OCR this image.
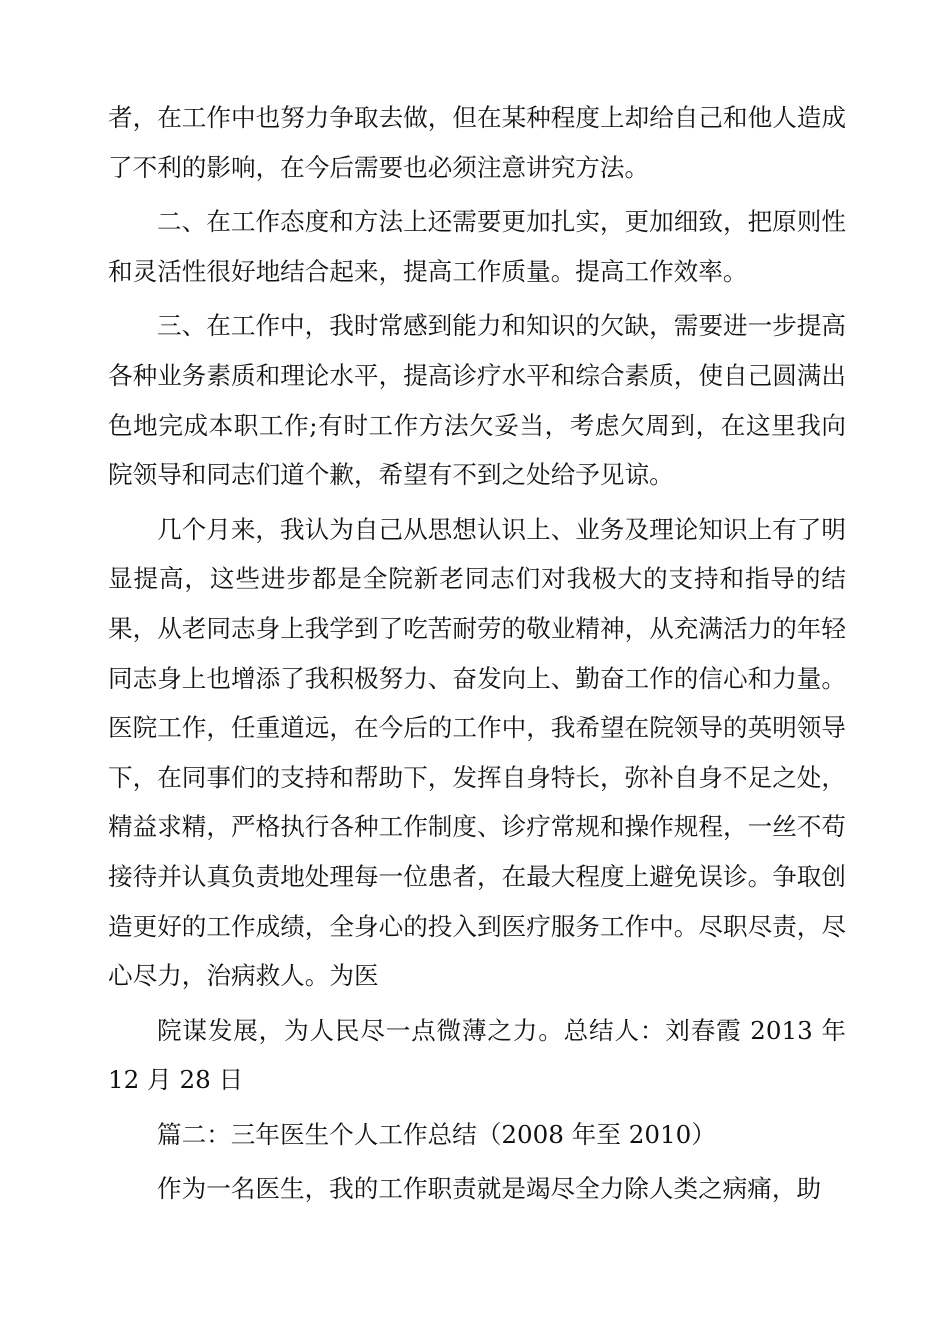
者，在工作中也努力争取去做，但在某种程度上却给自己和他人造成了不利的影响，在今后需要也必须注意讲究方法。

二、在工作态度和方法上还需要更加扎实，更加细致，把原则性和灵活性很好地结合起来，提高工作质量。提高工作效率。

三、在工作中，我时常感到能力和知识的欠缺，需要进一步提高各种业务素质和理论水平，提高诊疗水平和综合素质，使自己圆满出色地完成本职工作;有时工作方法欠妥当，考虑欠周到，在这里我向院领导和同志们道个歉，希望有不到之处给予见谅。

几个月来，我认为自己从思想认识上、业务及理论知识上有了明显提高，这些进步都是全院新老同志们对我极大的支持和指导的结果，从老同志身上我学到了吃苦耐劳的敬业精神，从充满活力的年轻同志身上也增添了我积极努力、奋发向上、勤奋工作的信心和力量。医院工作，任重道远，在今后的工作中，我希望在院领导的英明领导下，在同事们的支持和帮助下，发挥自身特长，弥补自身不足之处，精益求精，严格执行各种工作制度、诊疗常规和操作规程，一丝不苟接待并认真负责地处理每一位患者，在最大程度上避免误诊。争取创造更好的工作成绩，全身心的投入到医疗服务工作中。尽职尽责，尽心尽力，治病救人。为医

院谋发展，为人民尽一点微薄之力。总结人：刘春霞 2013 年 12 月 28 日

篇二：三年医生个人工作总结（2008 年至 2010）

作为一名医生，我的工作职责就是竭尽全力除人类之病痛，助
